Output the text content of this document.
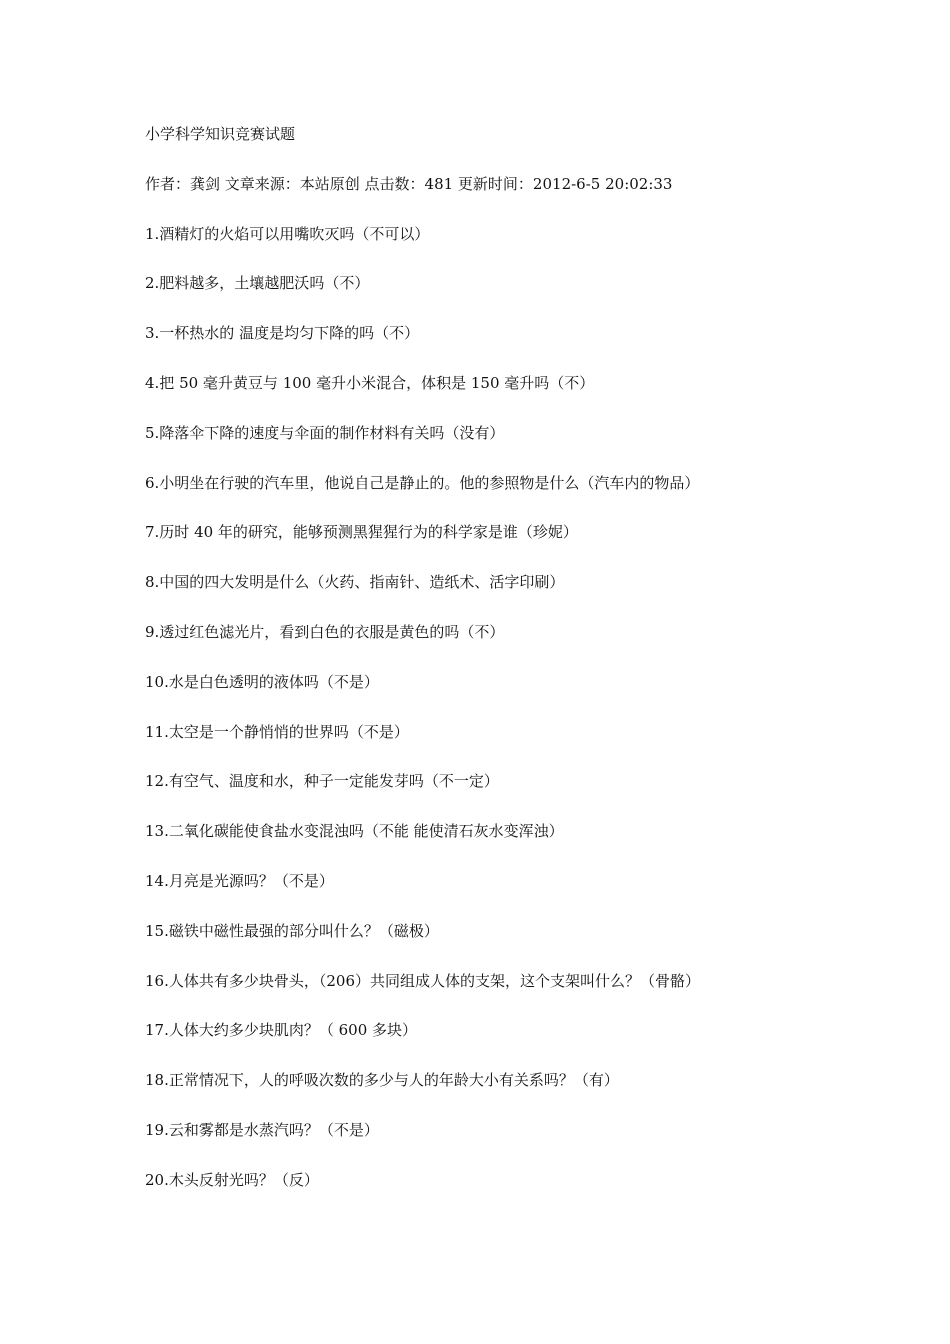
小学科学知识竞赛试题
作者：龚剑 文章来源：本站原创 点击数：481 更新时间：2012-6-5 20:02:33
1.酒精灯的火焰可以用嘴吹灭吗（不可以）
2.肥料越多，土壤越肥沃吗（不）
3.一杯热水的 温度是均匀下降的吗（不）
4.把 50 毫升黄豆与 100 毫升小米混合，体积是 150 毫升吗（不）
5.降落伞下降的速度与伞面的制作材料有关吗（没有）
6.小明坐在行驶的汽车里，他说自己是静止的。他的参照物是什么（汽车内的物品）
7.历时 40 年的研究，能够预测黑猩猩行为的科学家是谁（珍妮）
8.中国的四大发明是什么（火药、指南针、造纸术、活字印刷）
9.透过红色滤光片，看到白色的衣服是黄色的吗（不）
10.水是白色透明的液体吗（不是）
11.太空是一个静悄悄的世界吗（不是）
12.有空气、温度和水，种子一定能发芽吗（不一定）
13.二氧化碳能使食盐水变混浊吗（不能 能使清石灰水变浑浊）
14.月亮是光源吗？（不是）
15.磁铁中磁性最强的部分叫什么？（磁极）
16.人体共有多少块骨头，（206）共同组成人体的支架，这个支架叫什么？（骨骼）
17.人体大约多少块肌肉？（ 600 多块）
18.正常情况下，人的呼吸次数的多少与人的年龄大小有关系吗？（有）
19.云和雾都是水蒸汽吗？（不是）
20.木头反射光吗？（反）
